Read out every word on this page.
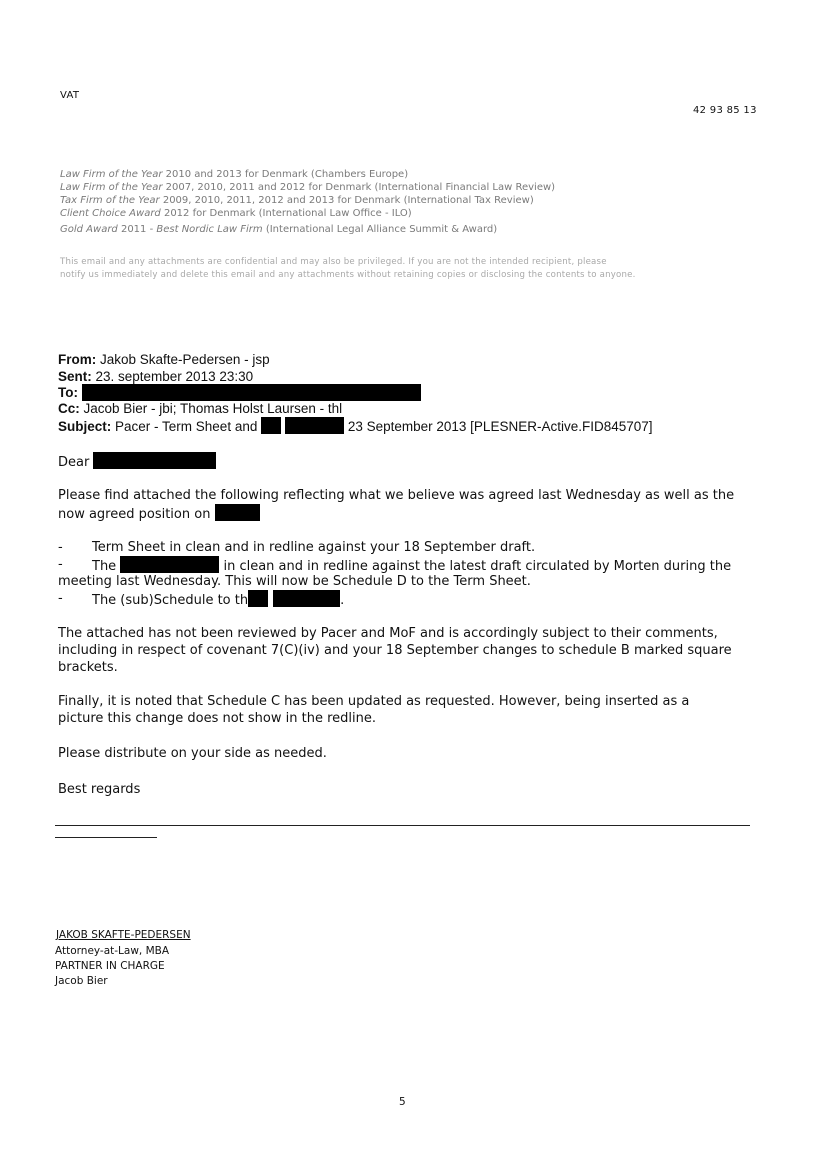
VAT
42 93 85 13
Law Firm of the Year 2010 and 2013 for Denmark (Chambers Europe)
Law Firm of the Year 2007, 2010, 2011 and 2012 for Denmark (International Financial Law Review)
Tax Firm of the Year 2009, 2010, 2011, 2012 and 2013 for Denmark (International Tax Review)
Client Choice Award 2012 for Denmark (International Law Office - ILO)
Gold Award 2011 - Best Nordic Law Firm (International Legal Alliance Summit & Award)
This email and any attachments are confidential and may also be privileged. If you are not the intended recipient, please
notify us immediately and delete this email and any attachments without retaining copies or disclosing the contents to anyone.
From: Jakob Skafte-Pedersen - jsp
Sent: 23. september 2013 23:30
To:
Cc: Jacob Bier - jbi; Thomas Holst Laursen - thl
Subject: Pacer - Term Sheet and	23 September 2013 [PLESNER-Active.FID845707]
Dear
Please find attached the following reflecting what we believe was agreed last Wednesday as well as the
now agreed position on
- Term Sheet in clean and in redline against your 18 September draft.
- The	in clean and in redline against the latest draft circulated by Morten during the
meeting last Wednesday. This will now be Schedule D to the Term Sheet.
- The (sub)Schedule to th	.
The attached has not been reviewed by Pacer and MoF and is accordingly subject to their comments,
including in respect of covenant 7(C)(iv) and your 18 September changes to schedule B marked square
brackets.
Finally, it is noted that Schedule C has been updated as requested. However, being inserted as a
picture this change does not show in the redline.
Please distribute on your side as needed.
Best regards
JAKOB SKAFTE-PEDERSEN
Attorney-at-Law, MBA
PARTNER IN CHARGE
Jacob Bier
5
